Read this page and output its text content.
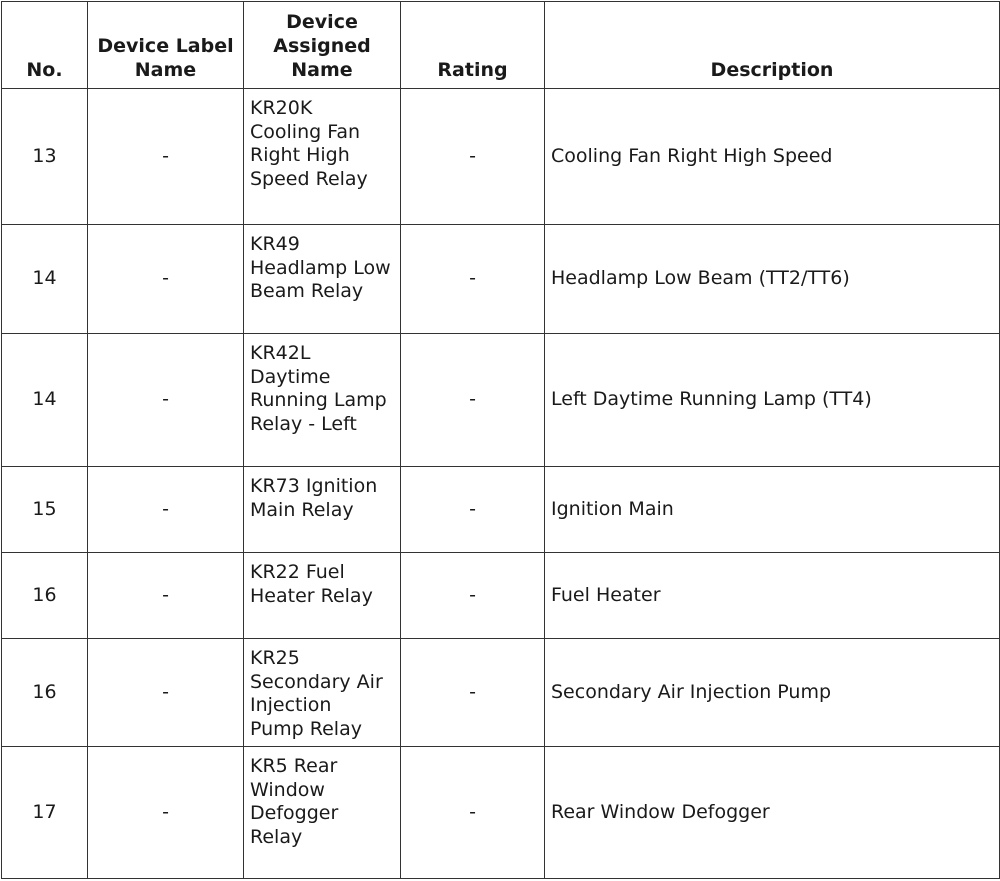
No.	Device Label Name	Device Assigned Name	Rating	Description
13	-	KR20K
Cooling Fan
Right High
Speed Relay	-	Cooling Fan Right High Speed
14	-	KR49
Headlamp Low
Beam Relay	-	Headlamp Low Beam (TT2/TT6)
14	-	KR42L
Daytime
Running Lamp
Relay - Left	-	Left Daytime Running Lamp (TT4)
15	-	KR73 Ignition
Main Relay	-	Ignition Main
16	-	KR22 Fuel
Heater Relay	-	Fuel Heater
16	-	KR25
Secondary Air
Injection
Pump Relay	-	Secondary Air Injection Pump
17	-	KR5 Rear
Window
Defogger
Relay	-	Rear Window Defogger
